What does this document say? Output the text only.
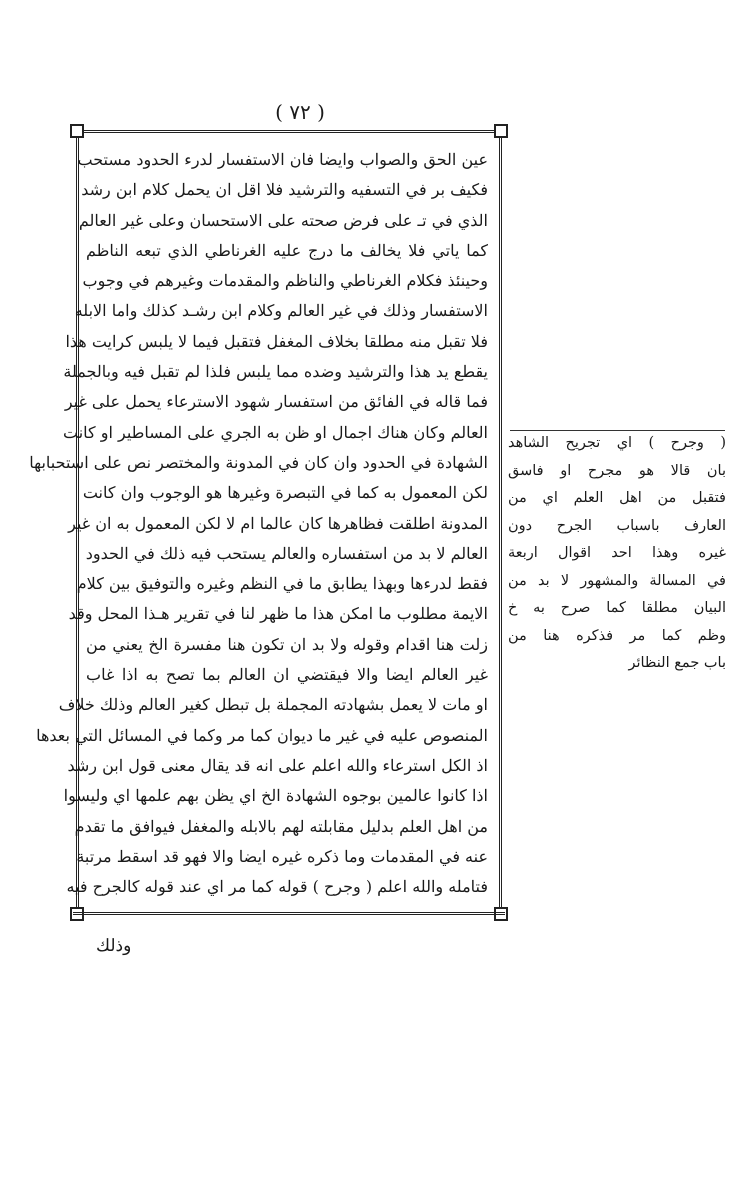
( ٧٢ )
عين الحق والصواب وايضا فان الاستفسار لدرء الحدود مستحب
فكيف بر في التسفيه والترشيد فلا اقل ان يحمل كلام ابن رشد
الذي في تـ على فرض صحته على الاستحسان وعلى غير العالم
كما ياتي فلا يخالف ما درج عليه الغرناطي الذي تبعه الناظم
وحينئذ فكلام الغرناطي والناظم والمقدمات وغيرهم في وجوب
الاستفسار وذلك في غير العالم وكلام ابن رشـد كذلك واما الابله
فلا تقبل منه مطلقا بخلاف المغفل فتقبل فيما لا يلبس كرايت هذا
يقطع يد هذا والترشيد وضده مما يلبس فلذا لم تقبل فيه وبالجملة
فما قاله في الفائق من استفسار شهود الاسترعاء يحمل على غير
العالم وكان هناك اجمال او ظن به الجري على المساطير او كانت
الشهادة في الحدود وان كان في المدونة والمختصر نص على استحبابها
لكن المعمول به كما في التبصرة وغيرها هو الوجوب وان كانت
المدونة اطلقت فظاهرها كان عالما ام لا لكن المعمول به ان غير
العالم لا بد من استفساره والعالم يستحب فيه ذلك في الحدود
فقط لدرءها وبهذا يطابق ما في النظم وغيره والتوفيق بين كلام
الايمة مطلوب ما امكن هذا ما ظهر لنا في تقرير هـذا المحل وقد
زلت هنا اقدام وقوله ولا بد ان تكون هنا مفسرة الخ يعني من
غير العالم ايضا والا فيقتضي ان العالم بما تصح به اذا غاب
او مات لا يعمل بشهادته المجملة بل تبطل كغير العالم وذلك خلاف
المنصوص عليه في غير ما ديوان كما مر وكما في المسائل التي بعدها
اذ الكل استرعاء والله اعلم على انه قد يقال معنى قول ابن رشد
اذا كانوا عالمين بوجوه الشهادة الخ اي يظن بهم علمها اي وليسوا
من اهل العلم بدليل مقابلته لهم بالابله والمغفل فيوافق ما تقدم
عنه في المقدمات وما ذكره غيره ايضا والا فهو قد اسقط مرتبة
فتامله والله اعلم ( وجرح ) قوله كما مر اي عند قوله كالجرح فيه
( وجرح ) اي تجريح الشاهد
بان قالا هو مجرح او فاسق
فتقبل من اهل العلم اي من
العارف باسباب الجرح دون
غيره وهذا احد اقوال اربعة
في المسالة والمشهور لا بد من
البيان مطلقا كما صرح به خ
وظم كما مر فذكره هنا من
باب جمع النظائر
وذلك
